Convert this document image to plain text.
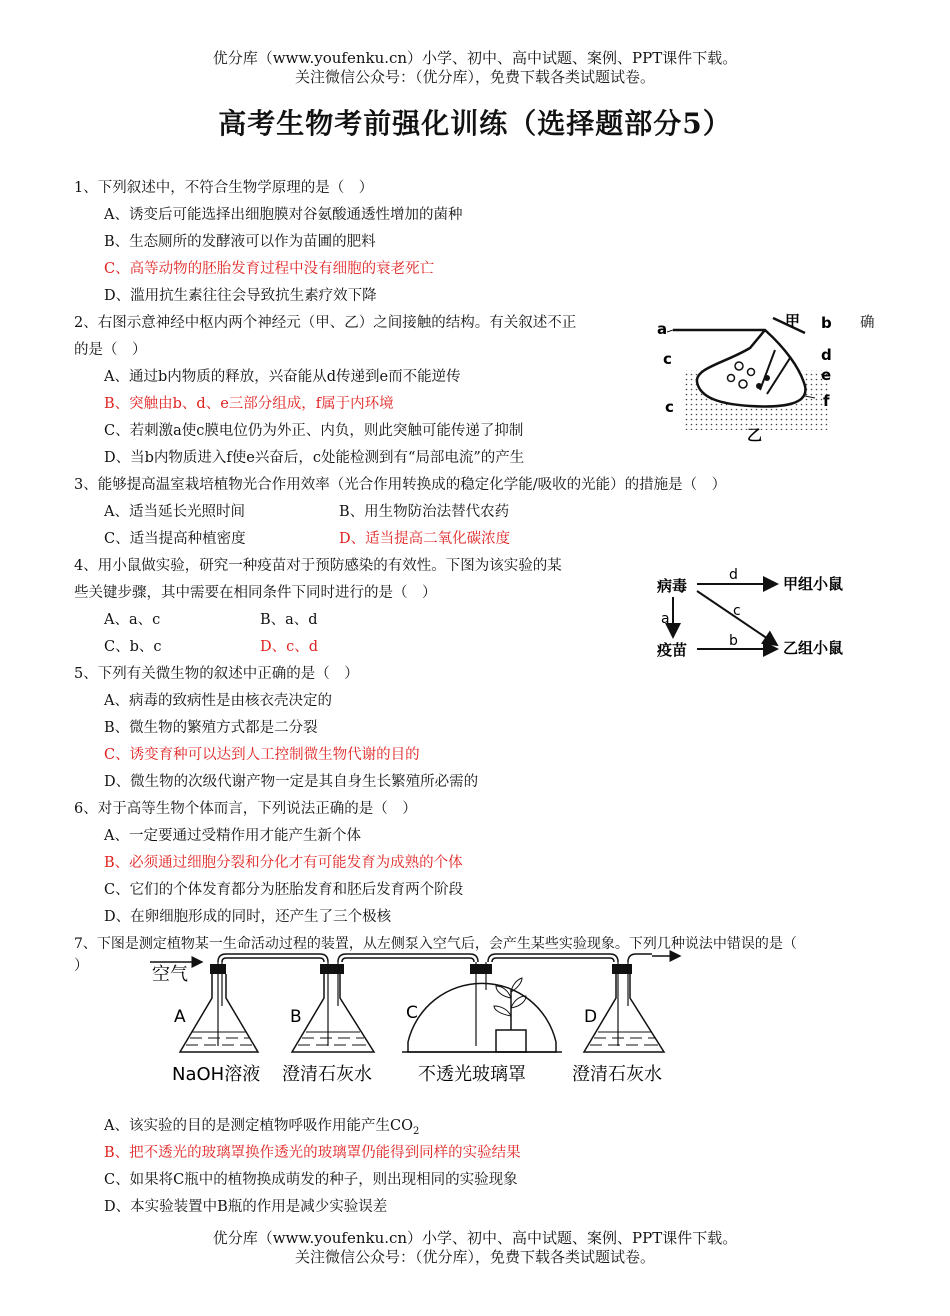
优分库（www.youfenku.cn）小学、初中、高中试题、案例、PPT课件下载。
关注微信公众号：（优分库），免费下载各类试题试卷。
高考生物考前强化训练（选择题部分5）
1、下列叙述中，不符合生物学原理的是（　）
A、诱变后可能选择出细胞膜对谷氨酸通透性增加的菌种
B、生态厕所的发酵液可以作为苗圃的肥料
C、高等动物的胚胎发育过程中没有细胞的衰老死亡
D、滥用抗生素往往会导致抗生素疗效下降
2、右图示意神经中枢内两个神经元（甲、乙）之间接触的结构。有关叙述不正	确
的是（　）
A、通过b内物质的释放，兴奋能从d传递到e而不能逆传
B、突触由b、d、e三部分组成，f属于内环境
C、若刺激a使c膜电位仍为外正、内负，则此突触可能传递了抑制
D、当b内物质进入f使e兴奋后，c处能检测到有“局部电流”的产生
a	甲 b
c	d
e
c	f
乙
3、能够提高温室栽培植物光合作用效率（光合作用转换成的稳定化学能/吸收的光能）的措施是（　）
A、适当延长光照时间	B、用生物防治法替代农药
C、适当提高种植密度	D、适当提高二氧化碳浓度
4、用小鼠做实验，研究一种疫苗对于预防感染的有效性。下图为该实验的某
些关键步骤，其中需要在相同条件下同时进行的是（　）
A、a、c	B、a、d
C、b、c	D、c、d
病毒
疫苗
甲组小鼠
乙组小鼠
d
c
a
b
5、下列有关微生物的叙述中正确的是（　）
A、病毒的致病性是由核衣壳决定的
B、微生物的繁殖方式都是二分裂
C、诱变育种可以达到人工控制微生物代谢的目的
D、微生物的次级代谢产物一定是其自身生长繁殖所必需的
6、对于高等生物个体而言，下列说法正确的是（　）
A、一定要通过受精作用才能产生新个体
B、必须通过细胞分裂和分化才有可能发育为成熟的个体
C、它们的个体发育都分为胚胎发育和胚后发育两个阶段
D、在卵细胞形成的同时，还产生了三个极核
7、下图是测定植物某一生命活动过程的装置，从左侧泵入空气后，会产生某些实验现象。下列几种说法中错误的是（
）	空气
A	B	C	D
NaOH溶液 澄清石灰水	不透光玻璃罩	澄清石灰水
A、该实验的目的是测定植物呼吸作用能产生$CO_2$
B、把不透光的玻璃罩换作透光的玻璃罩仍能得到同样的实验结果
C、如果将C瓶中的植物换成萌发的种子，则出现相同的实验现象
D、本实验装置中B瓶的作用是减少实验误差
优分库（www.youfenku.cn）小学、初中、高中试题、案例、PPT课件下载。
关注微信公众号：（优分库），免费下载各类试题试卷。
